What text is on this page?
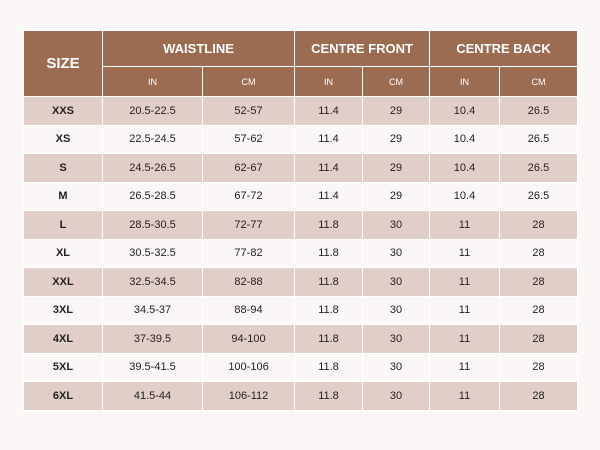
SIZE	WAISTLINE		CENTRE FRONT		CENTRE BACK	
	IN	CM	IN	CM	IN	CM
XXS	20.5-22.5	52-57	11.4	29	10.4	26.5
XS	22.5-24.5	57-62	11.4	29	10.4	26.5
S	24.5-26.5	62-67	11.4	29	10.4	26.5
M	26.5-28.5	67-72	11.4	29	10.4	26.5
L	28.5-30.5	72-77	11.8	30	11	28
XL	30.5-32.5	77-82	11.8	30	11	28
XXL	32.5-34.5	82-88	11.8	30	11	28
3XL	34.5-37	88-94	11.8	30	11	28
4XL	37-39.5	94-100	11.8	30	11	28
5XL	39.5-41.5	100-106	11.8	30	11	28
6XL	41.5-44	106-112	11.8	30	11	28
